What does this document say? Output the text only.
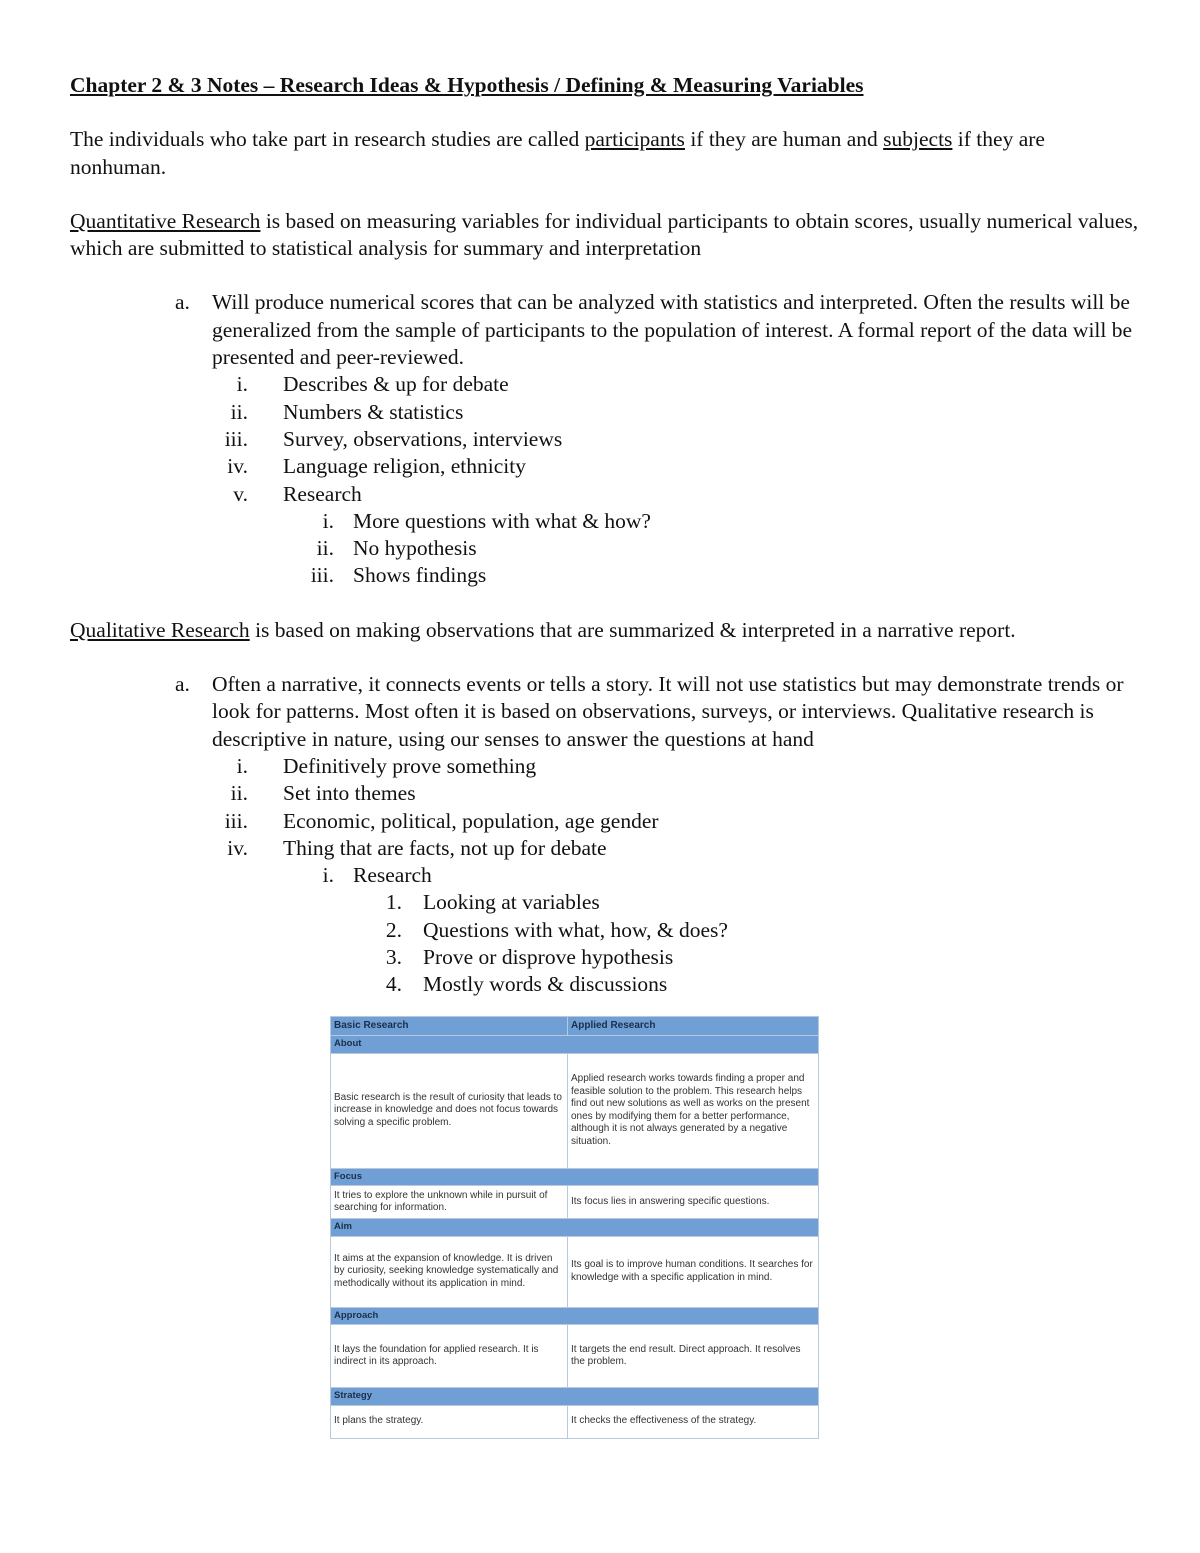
Chapter 2 & 3 Notes – Research Ideas & Hypothesis / Defining & Measuring Variables

The individuals who take part in research studies are called participants if they are human and subjects if they are nonhuman.

Quantitative Research is based on measuring variables for individual participants to obtain scores, usually numerical values, which are submitted to statistical analysis for summary and interpretation

a. Will produce numerical scores that can be analyzed with statistics and interpreted. Often the results will be generalized from the sample of participants to the population of interest. A formal report of the data will be presented and peer-reviewed.
i. Describes & up for debate
ii. Numbers & statistics
iii. Survey, observations, interviews
iv. Language religion, ethnicity
v. Research
i. More questions with what & how?
ii. No hypothesis
iii. Shows findings

Qualitative Research is based on making observations that are summarized & interpreted in a narrative report.

a. Often a narrative, it connects events or tells a story. It will not use statistics but may demonstrate trends or look for patterns. Most often it is based on observations, surveys, or interviews. Qualitative research is descriptive in nature, using our senses to answer the questions at hand
i. Definitively prove something
ii. Set into themes
iii. Economic, political, population, age gender
iv. Thing that are facts, not up for debate
i. Research
1. Looking at variables
2. Questions with what, how, & does?
3. Prove or disprove hypothesis
4. Mostly words & discussions
Basic Research	Applied Research
About	
Basic research is the result of curiosity that leads to increase in knowledge and does not focus towards solving a specific problem.	Applied research works towards finding a proper and feasible solution to the problem. This research helps find out new solutions as well as works on the present ones by modifying them for a better performance, although it is not always generated by a negative situation.
Focus	
It tries to explore the unknown while in pursuit of searching for information.	Its focus lies in answering specific questions.
Aim	
It aims at the expansion of knowledge. It is driven by curiosity, seeking knowledge systematically and methodically without its application in mind.	Its goal is to improve human conditions. It searches for knowledge with a specific application in mind.
Approach	
It lays the foundation for applied research. It is indirect in its approach.	It targets the end result. Direct approach. It resolves the problem.
Strategy	
It plans the strategy.	It checks the effectiveness of the strategy.
